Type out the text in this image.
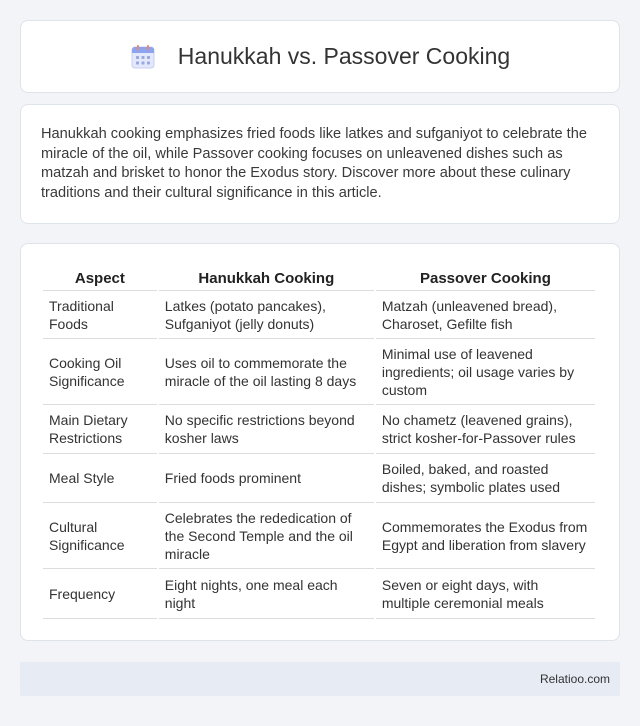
Hanukkah vs. Passover Cooking

Hanukkah cooking emphasizes fried foods like latkes and sufganiyot to celebrate the miracle of the oil, while Passover cooking focuses on unleavened dishes such as matzah and brisket to honor the Exodus story. Discover more about these culinary traditions and their cultural significance in this article.

Aspect	Hanukkah Cooking	Passover Cooking
Traditional Foods	Latkes (potato pancakes), Sufganiyot (jelly donuts)	Matzah (unleavened bread), Charoset, Gefilte fish
Cooking Oil Significance	Uses oil to commemorate the miracle of the oil lasting 8 days	Minimal use of leavened ingredients; oil usage varies by custom
Main Dietary Restrictions	No specific restrictions beyond kosher laws	No chametz (leavened grains), strict kosher-for-Passover rules
Meal Style	Fried foods prominent	Boiled, baked, and roasted dishes; symbolic plates used
Cultural Significance	Celebrates the rededication of the Second Temple and the oil miracle	Commemorates the Exodus from Egypt and liberation from slavery
Frequency	Eight nights, one meal each night	Seven or eight days, with multiple ceremonial meals
Relatioo.com
